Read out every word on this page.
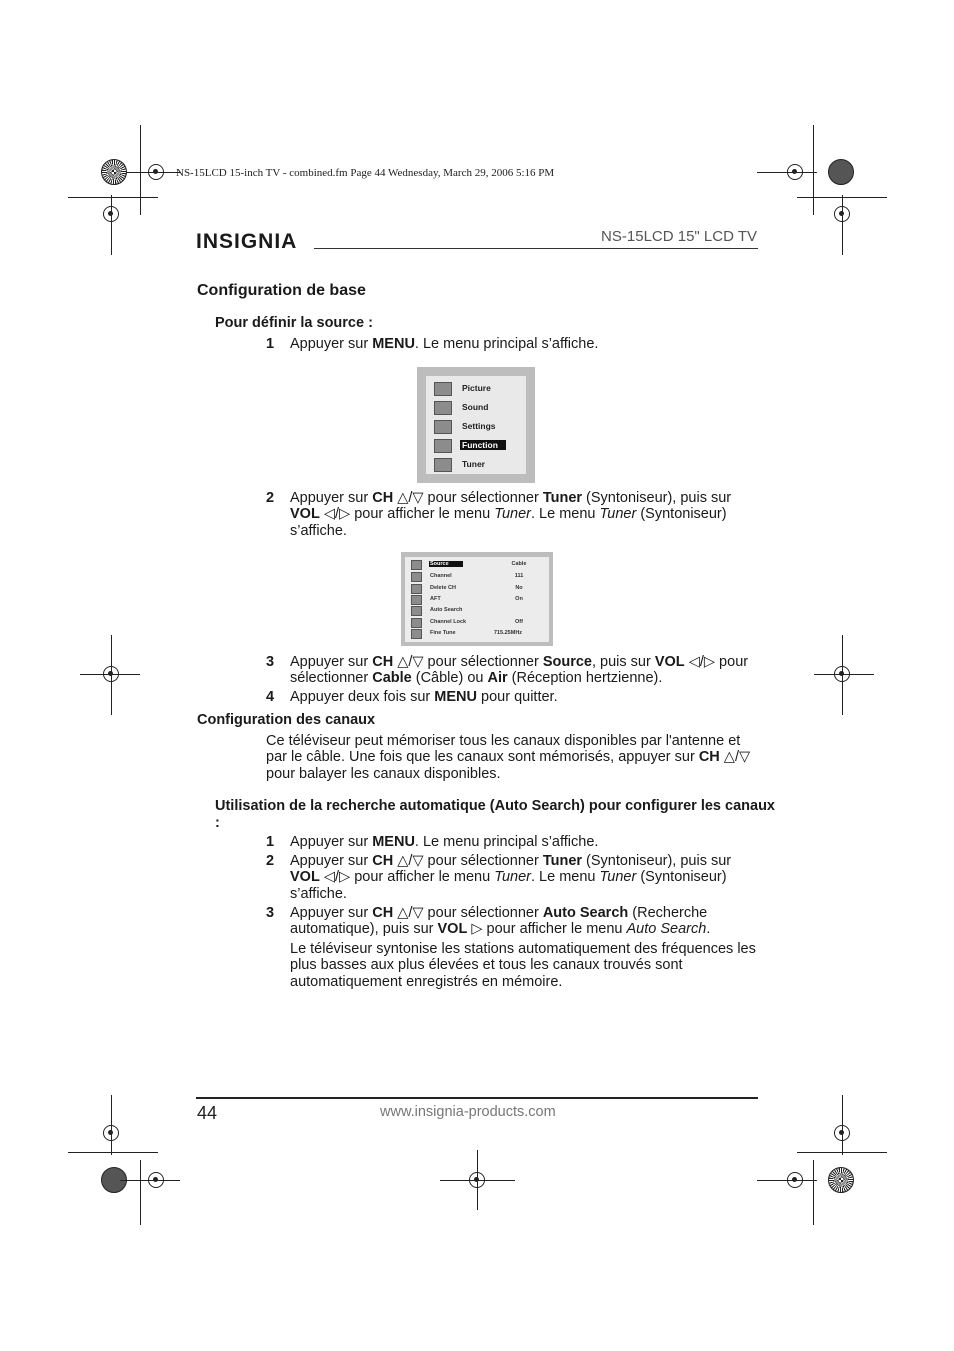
NS-15LCD 15-inch TV - combined.fm Page 44 Wednesday, March 29, 2006 5:16 PM
INSIGNIA	NS-15LCD 15" LCD TV
Configuration de base
Pour définir la source :
1 Appuyer sur MENU. Le menu principal s’affiche.
Picture
Sound
Settings
Function
Tuner
2 Appuyer sur CH △/▽ pour sélectionner Tuner (Syntoniseur), puis sur VOL ◁/▷ pour afficher le menu Tuner. Le menu Tuner (Syntoniseur) s’affiche.
Source	Cable
Channel	111
Delete CH	No
AFT	On
Auto Search
Channel Lock	Off
Fine Tune	715.25MHz
3 Appuyer sur CH △/▽ pour sélectionner Source, puis sur VOL ◁/▷ pour sélectionner Cable (Câble) ou Air (Réception hertzienne).
4 Appuyer deux fois sur MENU pour quitter.
Configuration des canaux
Ce téléviseur peut mémoriser tous les canaux disponibles par l'antenne et par le câble. Une fois que les canaux sont mémorisés, appuyer sur CH △/▽ pour balayer les canaux disponibles.
Utilisation de la recherche automatique (Auto Search) pour configurer les canaux :
1 Appuyer sur MENU. Le menu principal s’affiche.
2 Appuyer sur CH △/▽ pour sélectionner Tuner (Syntoniseur), puis sur VOL ◁/▷ pour afficher le menu Tuner. Le menu Tuner (Syntoniseur) s’affiche.
3 Appuyer sur CH △/▽ pour sélectionner Auto Search (Recherche automatique), puis sur VOL ▷ pour afficher le menu Auto Search.
Le téléviseur syntonise les stations automatiquement des fréquences les plus basses aux plus élevées et tous les canaux trouvés sont automatiquement enregistrés en mémoire.
44	www.insignia-products.com
